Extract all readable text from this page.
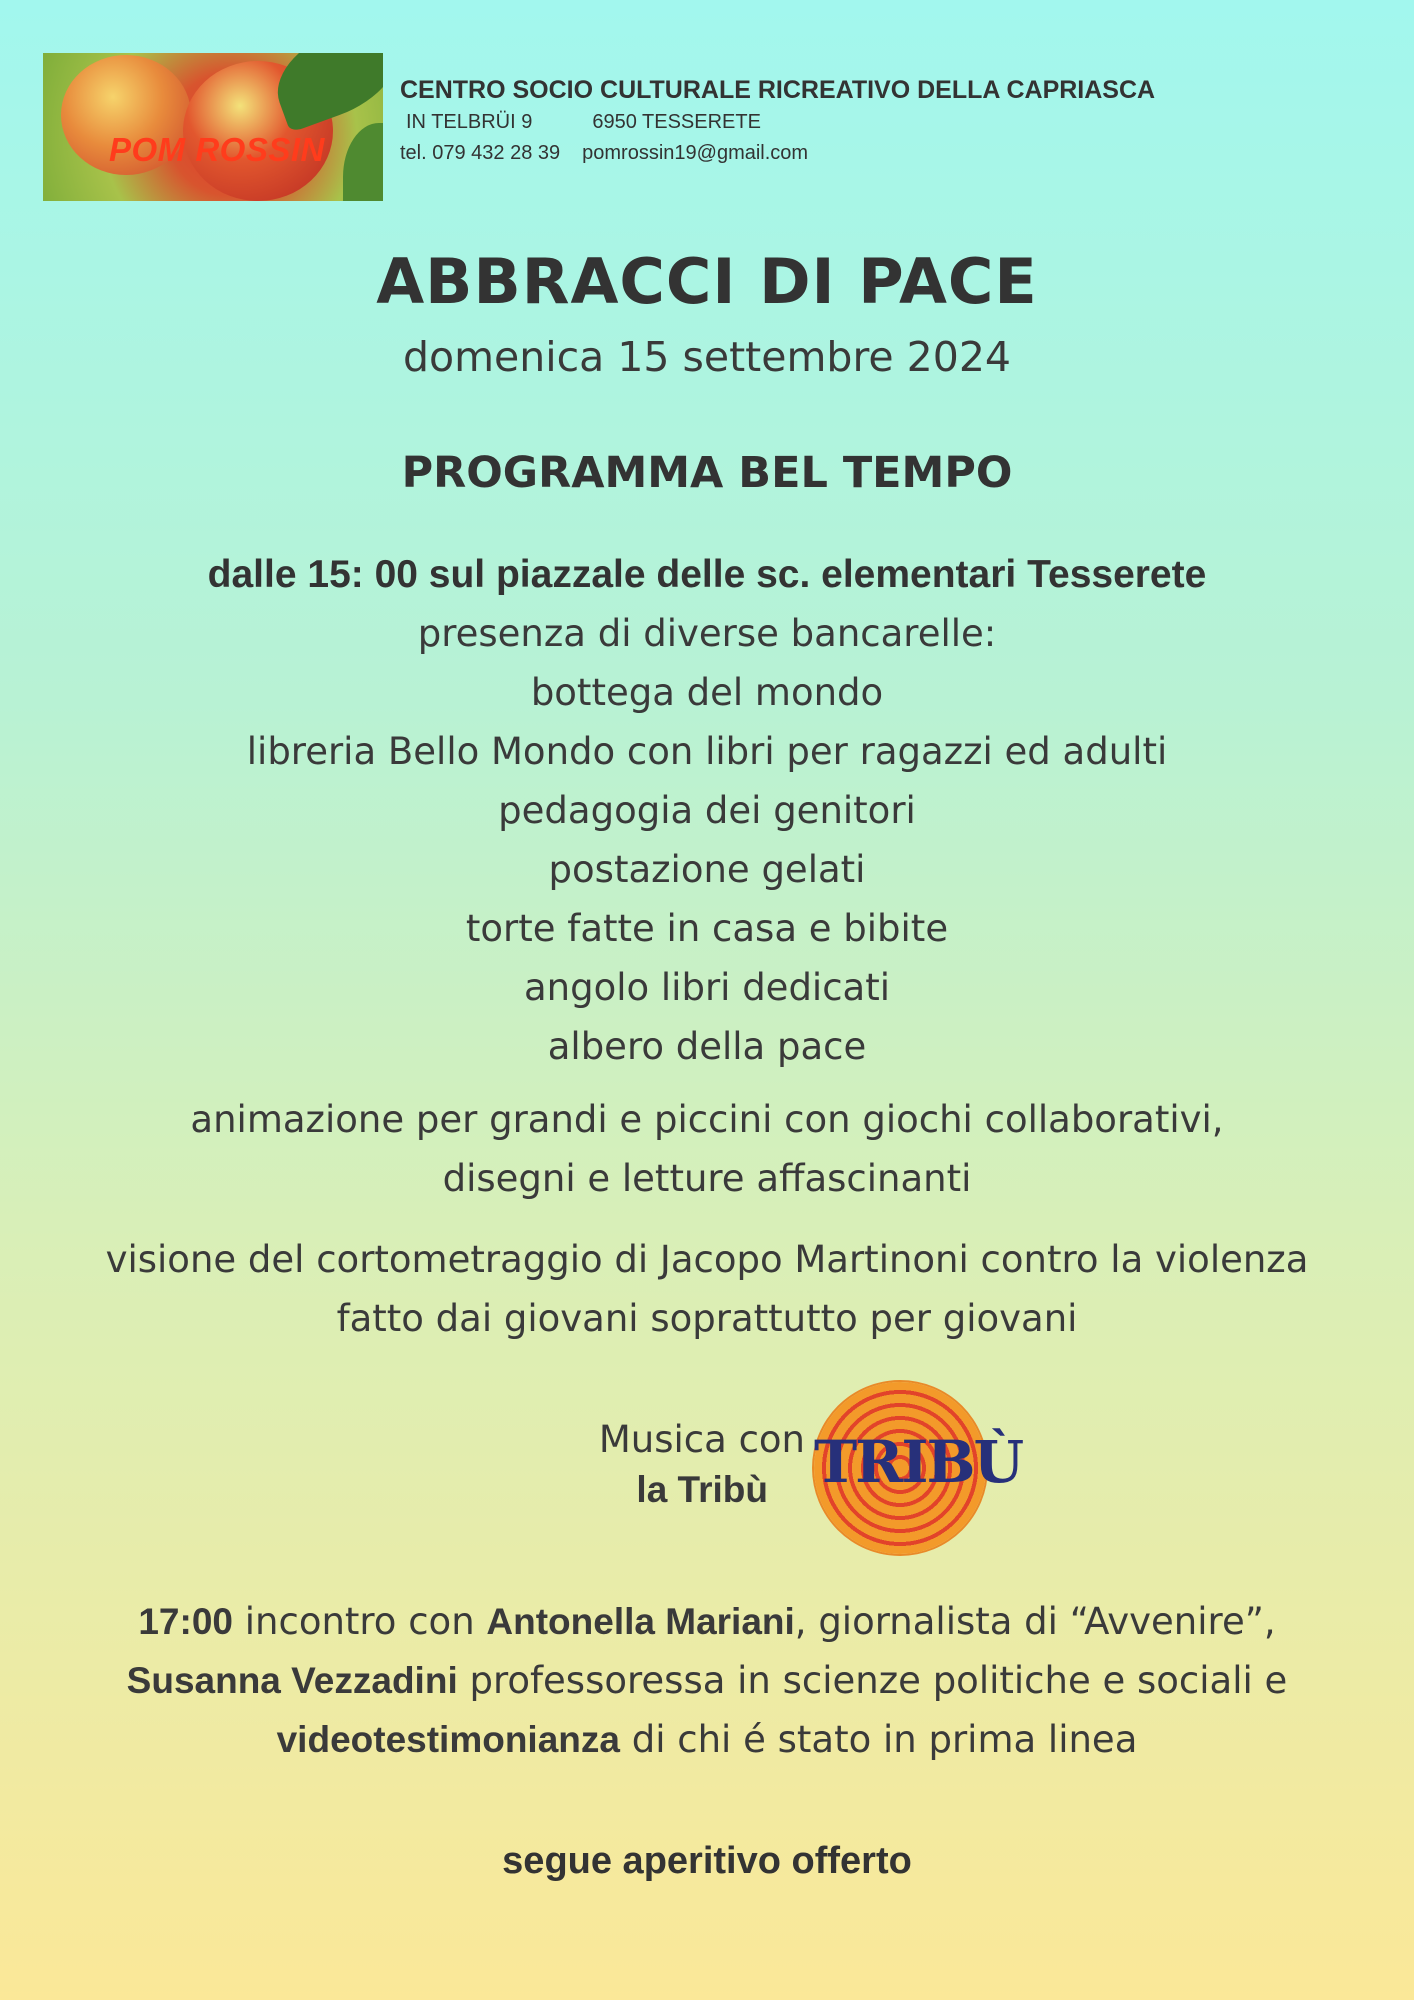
POM ROSSIN

CENTRO SOCIO CULTURALE RICREATIVO DELLA CAPRIASCA

IN TELBRÜI 9	6950 TESSERETE

tel. 079 432 28 39 pomrossin19@gmail.com

ABBRACCI DI PACE
domenica 15 settembre 2024
PROGRAMMA BEL TEMPO

dalle 15: 00 sul piazzale delle sc. elementari Tesserete

presenza di diverse bancarelle:

bottega del mondo

libreria Bello Mondo con libri per ragazzi ed adulti

pedagogia dei genitori

postazione gelati

torte fatte in casa e bibite

angolo libri dedicati

albero della pace

animazione per grandi e piccini con giochi collaborativi,

disegni e letture affascinanti

visione del cortometraggio di Jacopo Martinoni contro la violenza

fatto dai giovani soprattutto per giovani

Musica con

la Tribù TRIBÙ

17:00 incontro con Antonella Mariani, giornalista di “Avvenire”,

Susanna Vezzadini professoressa in scienze politiche e sociali e

videotestimonianza di chi é stato in prima linea

segue aperitivo offerto
